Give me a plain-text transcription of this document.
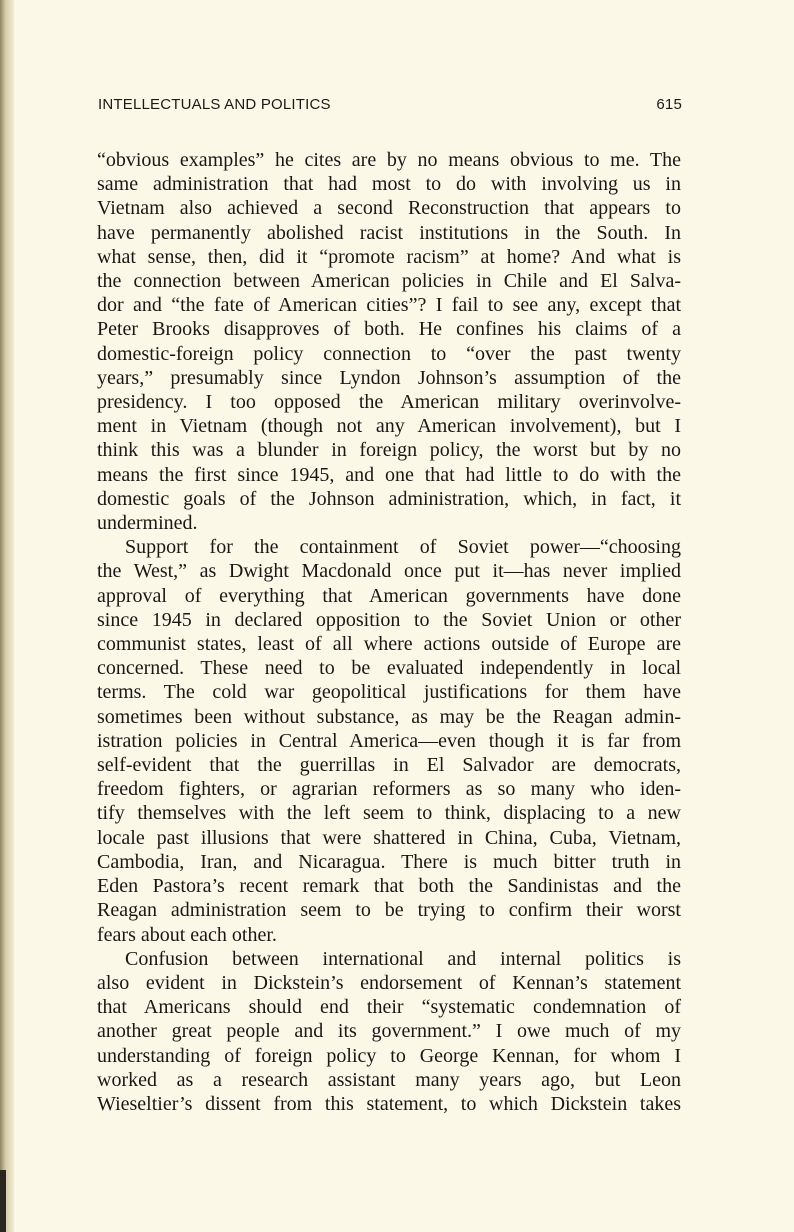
INTELLECTUALS AND POLITICS	615
“obvious examples” he cites are by no means obvious to me. The
same administration that had most to do with involving us in
Vietnam also achieved a second Reconstruction that appears to
have permanently abolished racist institutions in the South. In
what sense, then, did it “promote racism” at home? And what is
the connection between American policies in Chile and El Salva-
dor and “the fate of American cities”? I fail to see any, except that
Peter Brooks disapproves of both. He confines his claims of a
domestic-foreign policy connection to “over the past twenty
years,” presumably since Lyndon Johnson’s assumption of the
presidency. I too opposed the American military overinvolve-
ment in Vietnam (though not any American involvement), but I
think this was a blunder in foreign policy, the worst but by no
means the first since 1945, and one that had little to do with the
domestic goals of the Johnson administration, which, in fact, it
undermined.
Support for the containment of Soviet power—“choosing
the West,” as Dwight Macdonald once put it—has never implied
approval of everything that American governments have done
since 1945 in declared opposition to the Soviet Union or other
communist states, least of all where actions outside of Europe are
concerned. These need to be evaluated independently in local
terms. The cold war geopolitical justifications for them have
sometimes been without substance, as may be the Reagan admin-
istration policies in Central America—even though it is far from
self-evident that the guerrillas in El Salvador are democrats,
freedom fighters, or agrarian reformers as so many who iden-
tify themselves with the left seem to think, displacing to a new
locale past illusions that were shattered in China, Cuba, Vietnam,
Cambodia, Iran, and Nicaragua. There is much bitter truth in
Eden Pastora’s recent remark that both the Sandinistas and the
Reagan administration seem to be trying to confirm their worst
fears about each other.
Confusion between international and internal politics is
also evident in Dickstein’s endorsement of Kennan’s statement
that Americans should end their “systematic condemnation of
another great people and its government.” I owe much of my
understanding of foreign policy to George Kennan, for whom I
worked as a research assistant many years ago, but Leon
Wieseltier’s dissent from this statement, to which Dickstein takes
